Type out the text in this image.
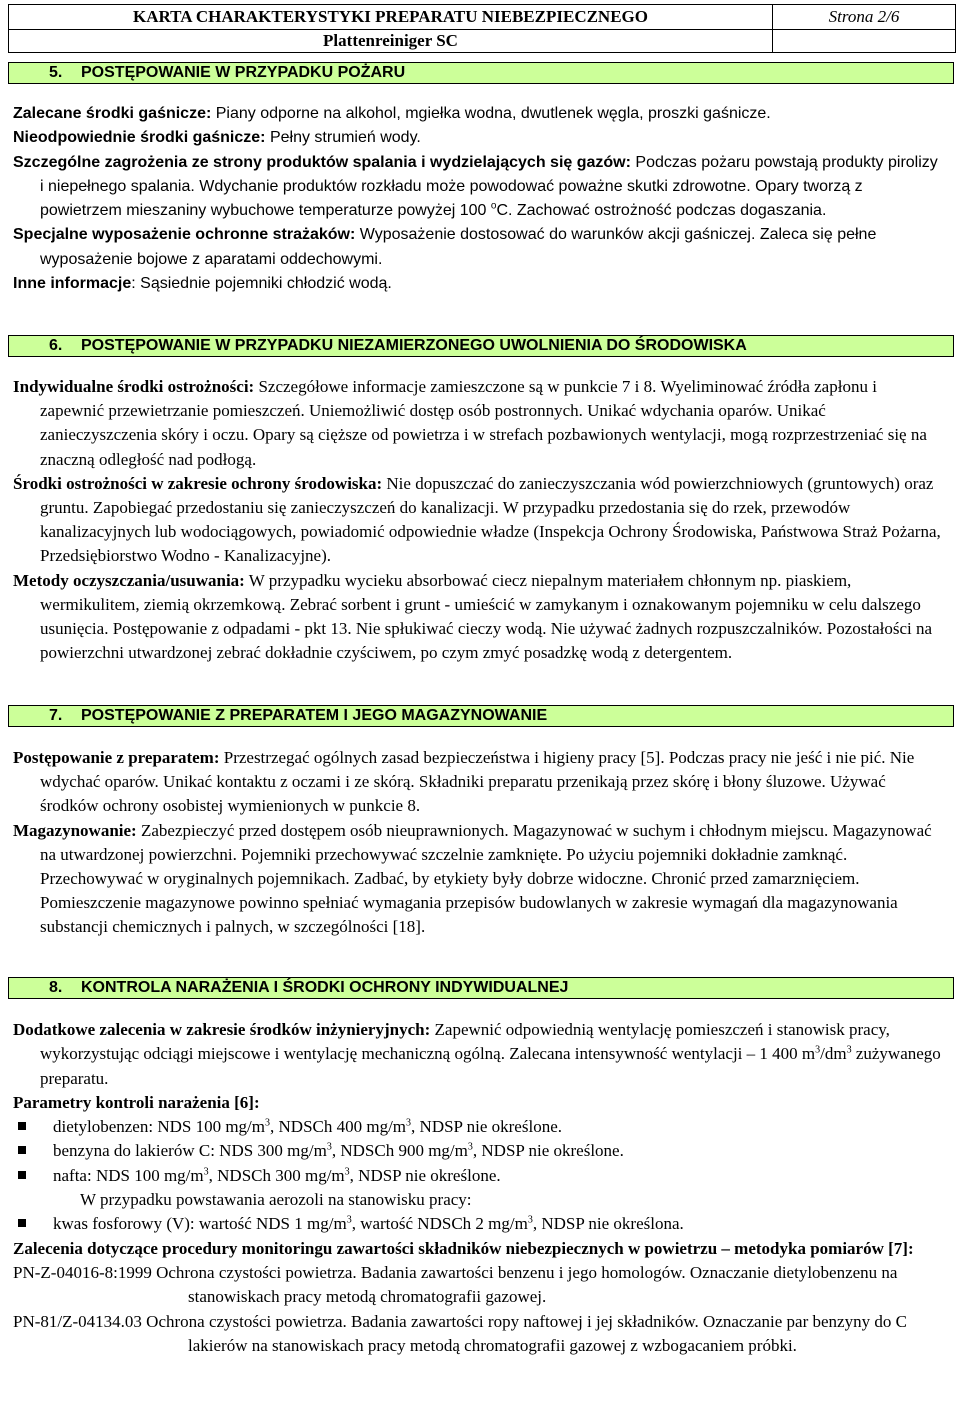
KARTA CHARAKTERYSTYKI PREPARATU NIEBEZPIECZNEGO	Strona 2/6
Plattenreiniger SC	
5. POSTĘPOWANIE W PRZYPADKU POŻARU
Zalecane środki gaśnicze: Piany odporne na alkohol, mgiełka wodna, dwutlenek węgla, proszki gaśnicze.
Nieodpowiednie środki gaśnicze: Pełny strumień wody.
Szczególne zagrożenia ze strony produktów spalania i wydzielających się gazów: Podczas pożaru powstają produkty pirolizy i niepełnego spalania. Wdychanie produktów rozkładu może powodować poważne skutki zdrowotne. Opary tworzą z powietrzem mieszaniny wybuchowe temperaturze powyżej 100 $^o$C. Zachować ostrożność podczas dogaszania.
Specjalne wyposażenie ochronne strażaków: Wyposażenie dostosować do warunków akcji gaśniczej. Zaleca się pełne wyposażenie bojowe z aparatami oddechowymi.
Inne informacje: Sąsiednie pojemniki chłodzić wodą.
6. POSTĘPOWANIE W PRZYPADKU NIEZAMIERZONEGO UWOLNIENIA DO ŚRODOWISKA
Indywidualne środki ostrożności: Szczegółowe informacje zamieszczone są w punkcie 7 i 8. Wyeliminować źródła zapłonu i zapewnić przewietrzanie pomieszczeń. Uniemożliwić dostęp osób postronnych. Unikać wdychania oparów. Unikać zanieczyszczenia skóry i oczu. Opary są cięższe od powietrza i w strefach pozbawionych wentylacji, mogą rozprzestrzeniać się na znaczną odległość nad podłogą.
Środki ostrożności w zakresie ochrony środowiska: Nie dopuszczać do zanieczyszczania wód powierzchniowych (gruntowych) oraz gruntu. Zapobiegać przedostaniu się zanieczyszczeń do kanalizacji. W przypadku przedostania się do rzek, przewodów kanalizacyjnych lub wodociągowych, powiadomić odpowiednie władze (Inspekcja Ochrony Środowiska, Państwowa Straż Pożarna, Przedsiębiorstwo Wodno - Kanalizacyjne).
Metody oczyszczania/usuwania: W przypadku wycieku absorbować ciecz niepalnym materiałem chłonnym np. piaskiem, wermikulitem, ziemią okrzemkową. Zebrać sorbent i grunt - umieścić w zamykanym i oznakowanym pojemniku w celu dalszego usunięcia. Postępowanie z odpadami - pkt 13. Nie spłukiwać cieczy wodą. Nie używać żadnych rozpuszczalników. Pozostałości na powierzchni utwardzonej zebrać dokładnie czyściwem, po czym zmyć posadzkę wodą z detergentem.
7. POSTĘPOWANIE Z PREPARATEM I JEGO MAGAZYNOWANIE
Postępowanie z preparatem: Przestrzegać ogólnych zasad bezpieczeństwa i higieny pracy [5]. Podczas pracy nie jeść i nie pić. Nie wdychać oparów. Unikać kontaktu z oczami i ze skórą. Składniki preparatu przenikają przez skórę i błony śluzowe. Używać środków ochrony osobistej wymienionych w punkcie 8.
Magazynowanie: Zabezpieczyć przed dostępem osób nieuprawnionych. Magazynować w suchym i chłodnym miejscu. Magazynować na utwardzonej powierzchni. Pojemniki przechowywać szczelnie zamknięte. Po użyciu pojemniki dokładnie zamknąć. Przechowywać w oryginalnych pojemnikach. Zadbać, by etykiety były dobrze widoczne. Chronić przed zamarznięciem. Pomieszczenie magazynowe powinno spełniać wymagania przepisów budowlanych w zakresie wymagań dla magazynowania substancji chemicznych i palnych, w szczególności [18].
8. KONTROLA NARAŻENIA I ŚRODKI OCHRONY INDYWIDUALNEJ
Dodatkowe zalecenia w zakresie środków inżynieryjnych: Zapewnić odpowiednią wentylację pomieszczeń i stanowisk pracy, wykorzystując odciągi miejscowe i wentylację mechaniczną ogólną. Zalecana intensywność wentylacji – 1 400 $m^3/dm^3$ zużywanego preparatu.
Parametry kontroli narażenia [6]:
dietylobenzen: NDS 100 $mg/m^3$, NDSCh 400 $mg/m^3$, NDSP nie określone.
benzyna do lakierów C: NDS 300 $mg/m^3$, NDSCh 900 $mg/m^3$, NDSP nie określone.
nafta: NDS 100 $mg/m^3$, NDSCh 300 $mg/m^3$, NDSP nie określone.
W przypadku powstawania aerozoli na stanowisku pracy:
kwas fosforowy (V): wartość NDS 1 $mg/m^3$, wartość NDSCh 2 $mg/m^3$, NDSP nie określona.
Zalecenia dotyczące procedury monitoringu zawartości składników niebezpiecznych w powietrzu – metodyka pomiarów [7]:
PN-Z-04016-8:1999 Ochrona czystości powietrza. Badania zawartości benzenu i jego homologów. Oznaczanie dietylobenzenu na stanowiskach pracy metodą chromatografii gazowej.
PN-81/Z-04134.03 Ochrona czystości powietrza. Badania zawartości ropy naftowej i jej składników. Oznaczanie par benzyny do C lakierów na stanowiskach pracy metodą chromatografii gazowej z wzbogacaniem próbki.
